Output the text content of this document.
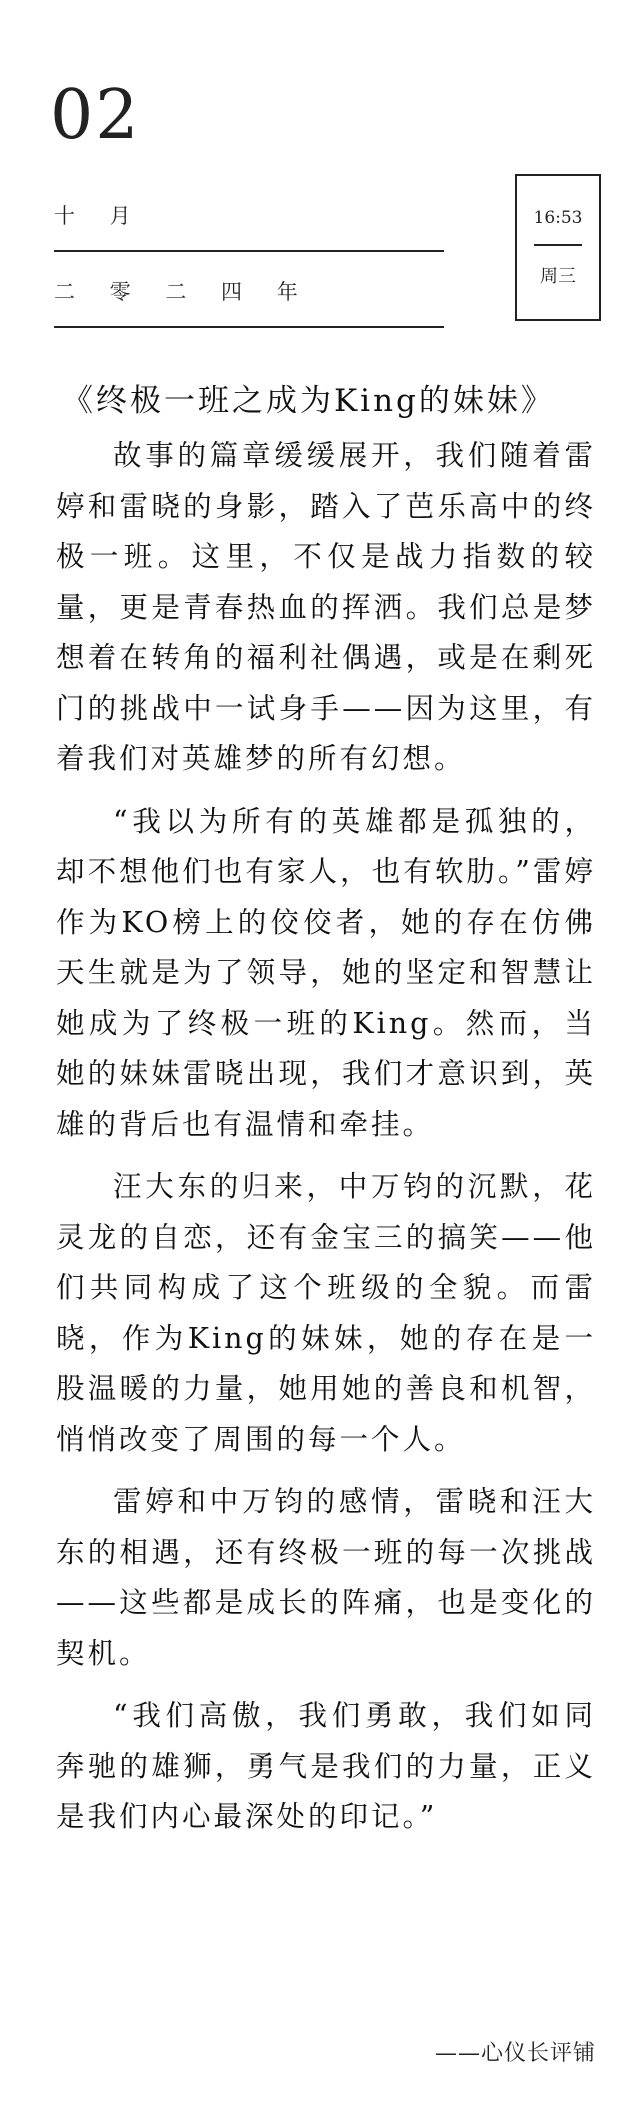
02
十 月
二 零 二 四 年
16:53
周三
《终极一班之成为King的妹妹》

故事的篇章缓缓展开，我们随着雷婷和雷晓的身影，踏入了芭乐高中的终极一班。这里，不仅是战力指数的较量，更是青春热血的挥洒。我们总是梦想着在转角的福利社偶遇，或是在剩死门的挑战中一试身手——因为这里，有着我们对英雄梦的所有幻想。

“我以为所有的英雄都是孤独的，却不想他们也有家人，也有软肋。”雷婷作为KO榜上的佼佼者，她的存在仿佛天生就是为了领导，她的坚定和智慧让她成为了终极一班的King。然而，当她的妹妹雷晓出现，我们才意识到，英雄的背后也有温情和牵挂。

汪大东的归来，中万钧的沉默，花灵龙的自恋，还有金宝三的搞笑——他们共同构成了这个班级的全貌。而雷晓，作为King的妹妹，她的存在是一股温暖的力量，她用她的善良和机智，悄悄改变了周围的每一个人。

雷婷和中万钧的感情，雷晓和汪大东的相遇，还有终极一班的每一次挑战——这些都是成长的阵痛，也是变化的契机。

“我们高傲，我们勇敢，我们如同奔驰的雄狮，勇气是我们的力量，正义是我们内心最深处的印记。”

——心仪长评铺
